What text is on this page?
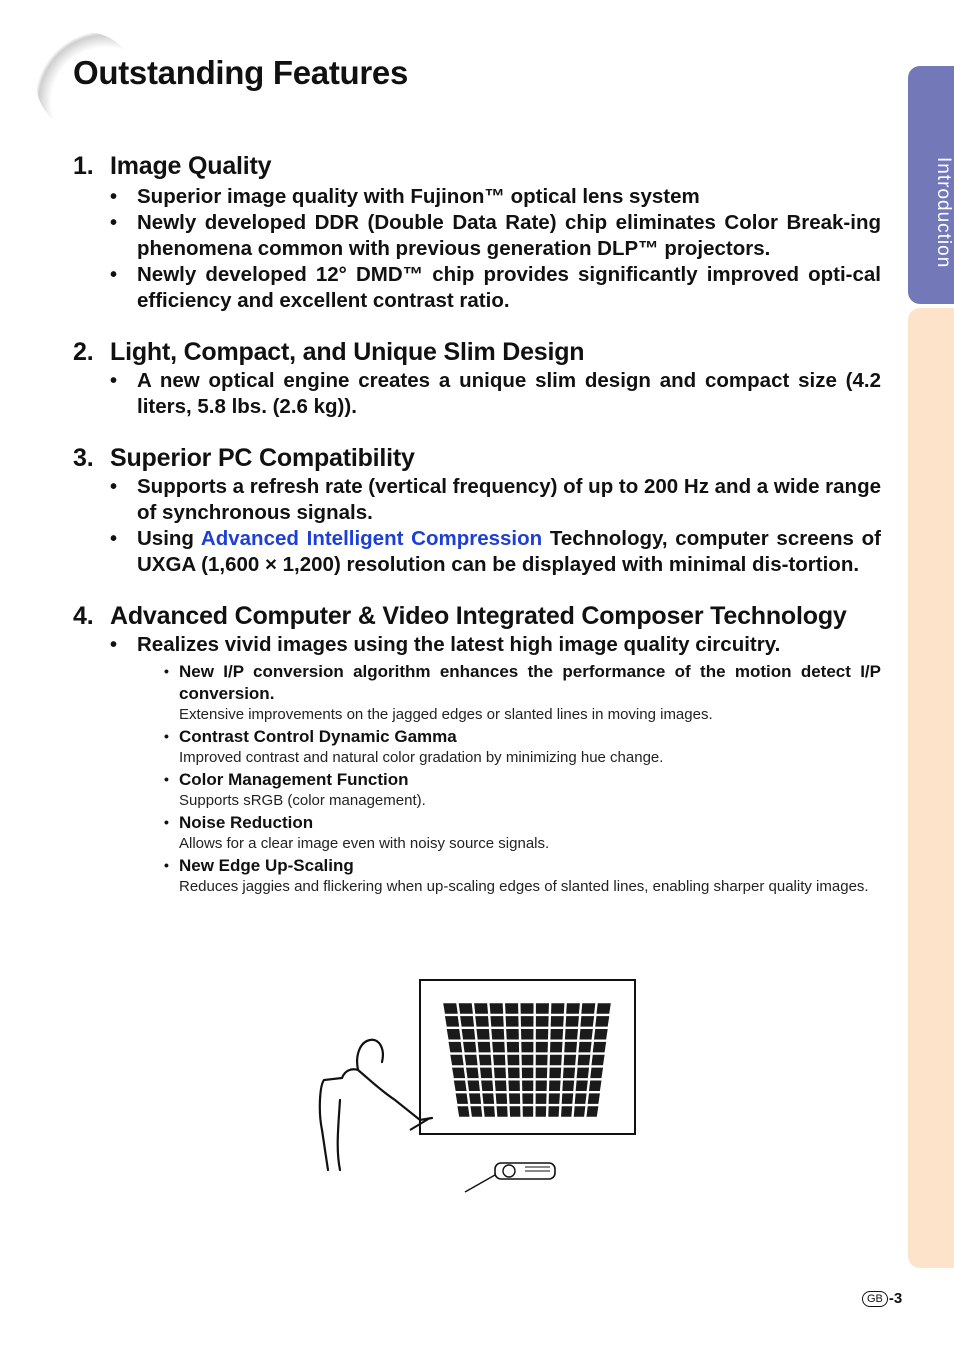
Outstanding Features
Introduction
1. Image Quality
• Superior image quality with Fujinon™ optical lens system
• Newly developed DDR (Double Data Rate) chip eliminates Color Break-ing phenomena common with previous generation DLP™ projectors.
• Newly developed 12° DMD™ chip provides significantly improved opti-cal efficiency and excellent contrast ratio.
2. Light, Compact, and Unique Slim Design
• A new optical engine creates a unique slim design and compact size (4.2 liters, 5.8 lbs. (2.6 kg)).
3. Superior PC Compatibility
• Supports a refresh rate (vertical frequency) of up to 200 Hz and a wide range of synchronous signals.
• Using Advanced Intelligent Compression Technology, computer screens of UXGA (1,600 × 1,200) resolution can be displayed with minimal dis-tortion.
4. Advanced Computer & Video Integrated Composer Technology
• Realizes vivid images using the latest high image quality circuitry.
• New I/P conversion algorithm enhances the performance of the motion detect I/P conversion.
Extensive improvements on the jagged edges or slanted lines in moving images.
• Contrast Control Dynamic Gamma
Improved contrast and natural color gradation by minimizing hue change.
• Color Management Function
Supports sRGB (color management).
• Noise Reduction
Allows for a clear image even with noisy source signals.
• New Edge Up-Scaling
Reduces jaggies and flickering when up-scaling edges of slanted lines, enabling sharper quality images.
GB -3
